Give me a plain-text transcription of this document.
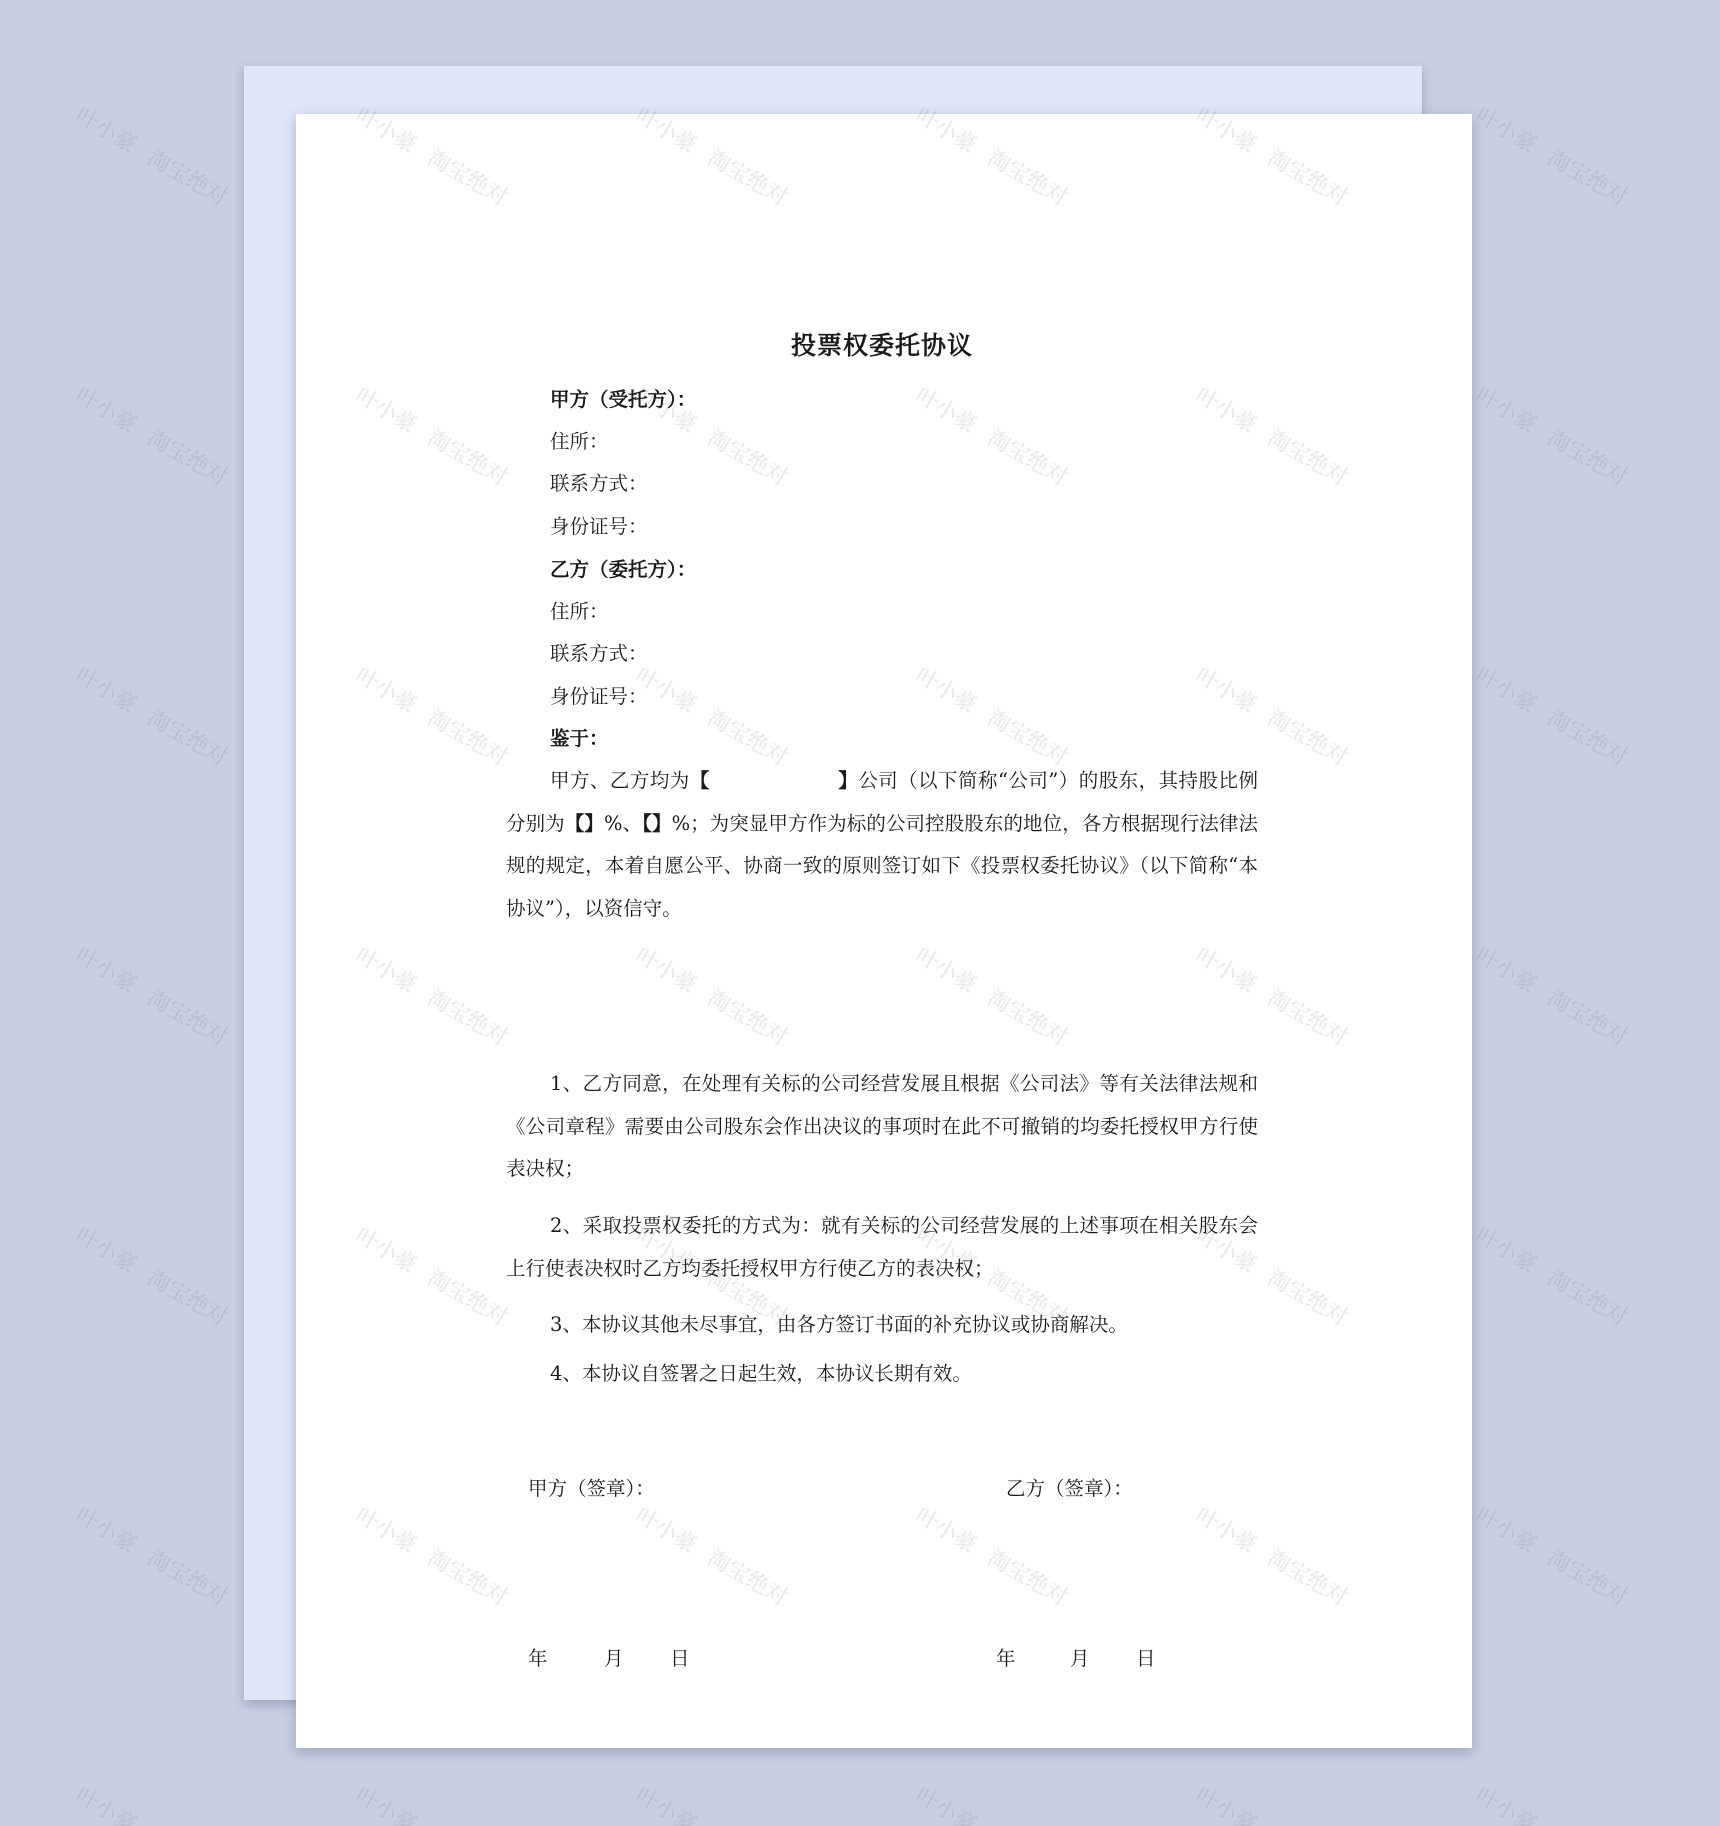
投票权委托协议
甲方（受托方）：
住所：
联系方式：
身份证号：
乙方（委托方）：
住所：
联系方式：
身份证号：
鉴于：

甲方、乙方均为【	】公司（以下简称“公司”）的股东，其持股比例分别为【】%、【】%；为突显甲方作为标的公司控股股东的地位，各方根据现行法律法规的规定，本着自愿公平、协商一致的原则签订如下《投票权委托协议》（以下简称“本协议”），以资信守。

1、乙方同意，在处理有关标的公司经营发展且根据《公司法》等有关法律法规和《公司章程》需要由公司股东会作出决议的事项时在此不可撤销的均委托授权甲方行使表决权；

2、采取投票权委托的方式为：就有关标的公司经营发展的上述事项在相关股东会上行使表决权时乙方均委托授权甲方行使乙方的表决权；

3、本协议其他未尽事宜，由各方签订书面的补充协议或协商解决。

4、本协议自签署之日起生效，本协议长期有效。

甲方（签章）：	乙方（签章）：
年	月 日	年	月 日
